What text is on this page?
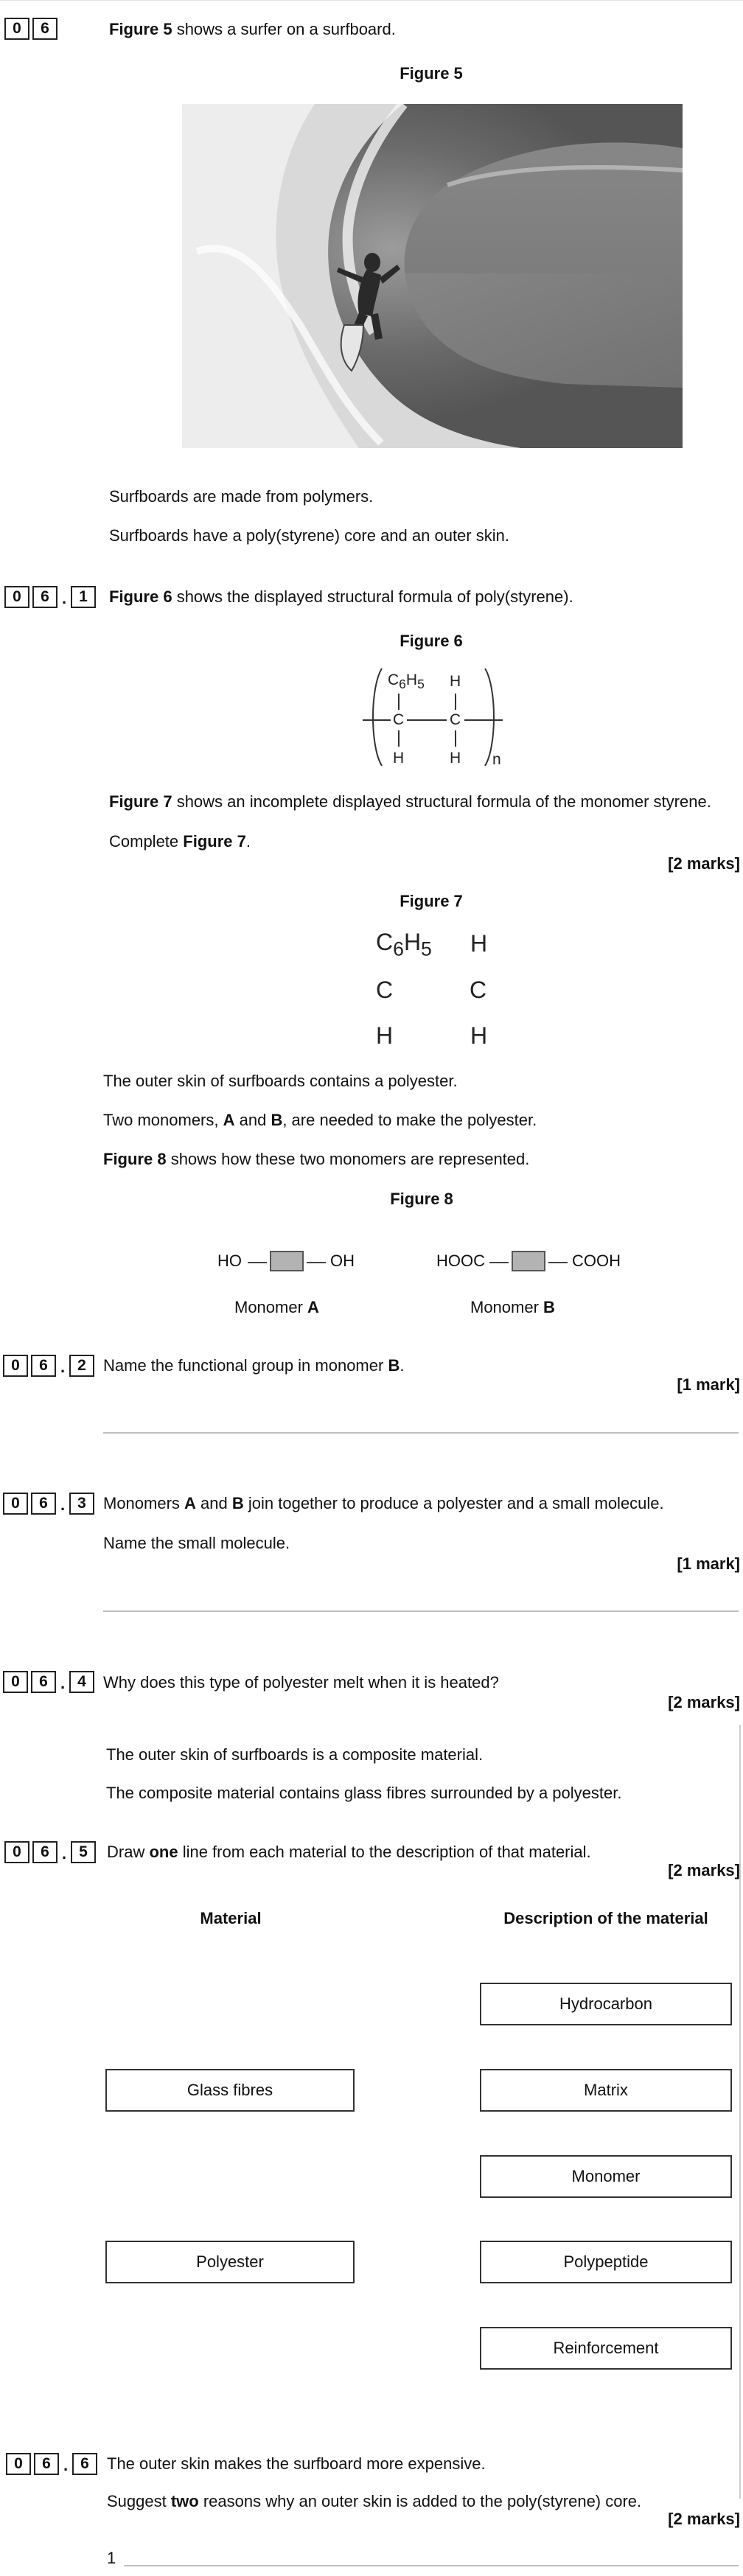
0	6	Figure 5 shows a surfer on a surfboard.
Figure 5
Surfboards are made from polymers.
Surfboards have a poly(styrene) core and an outer skin.
0	6 . 1	Figure 6 shows the displayed structural formula of poly(styrene).
Figure 6
$C_6H_5$ H
C	C
H	H n
Figure 7 shows an incomplete displayed structural formula of the monomer styrene.
Complete Figure 7.
[2 marks]
Figure 7
$C_6H_5$ H
C	C
H	H
The outer skin of surfboards contains a polyester.
Two monomers, A and B, are needed to make the polyester.
Figure 8 shows how these two monomers are represented.
Figure 8
HO	OH	HOOC	COOH
Monomer A	Monomer B
0	6 . 2	Name the functional group in monomer B.
[1 mark]
0	6 . 3	Monomers A and B join together to produce a polyester and a small molecule.
Name the small molecule.
[1 mark]
0	6 . 4	Why does this type of polyester melt when it is heated?
[2 marks]
The outer skin of surfboards is a composite material.
The composite material contains glass fibres surrounded by a polyester.
0	6 . 5	Draw one line from each material to the description of that material.
[2 marks]
Material	Description of the material
Glass fibres
Polyester
Hydrocarbon
Matrix
Monomer
Polypeptide
Reinforcement
0	6 . 6	The outer skin makes the surfboard more expensive.
Suggest two reasons why an outer skin is added to the poly(styrene) core.
[2 marks]
1
